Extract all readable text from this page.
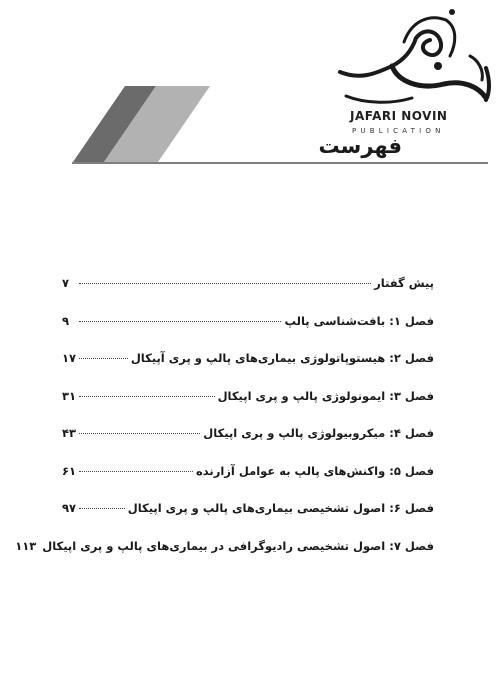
JAFARI NOVIN
PUBLICATION
فهرست
پیش گفتار
۷
فصل ۱: بافت‌شناسی پالپ
۹
فصل ۲: هیستوپاتولوژی بیماری‌های پالپ و پری آپیکال
۱۷
فصل ۳: ایمونولوژی پالپ و پری اپیکال
۳۱
فصل ۴: میکروبیولوژی پالپ و پری اپیکال
۴۳
فصل ۵: واکنش‌های پالپ به عوامل آزارنده
۶۱
فصل ۶: اصول تشخیصی بیماری‌های پالپ و پری اپیکال
۹۷
فصل ۷: اصول تشخیصی رادیوگرافی در بیماری‌های پالپ و پری اپیکال
۱۱۳
